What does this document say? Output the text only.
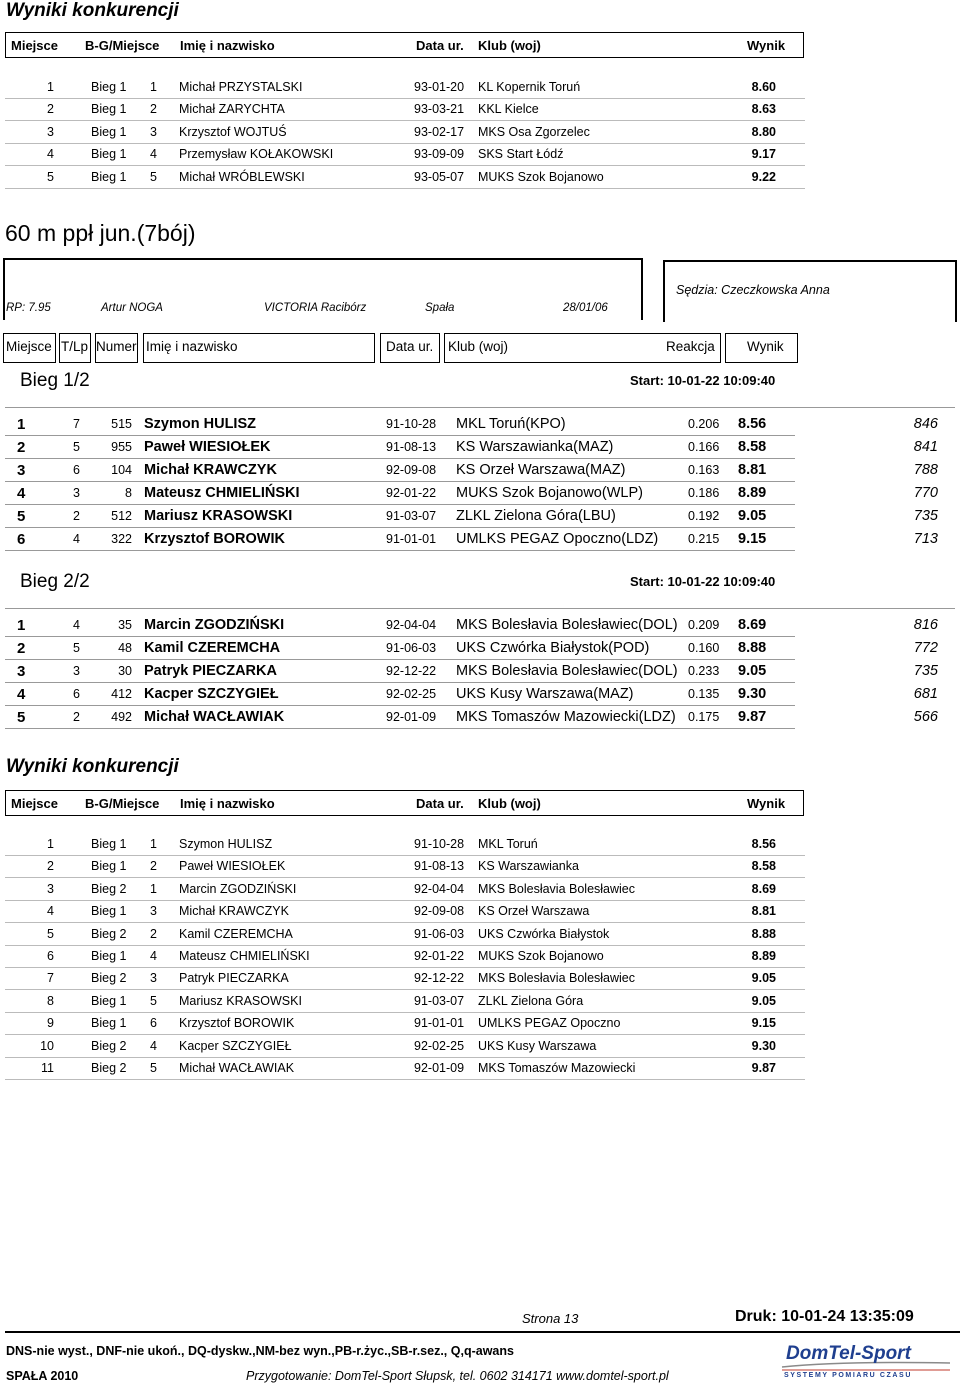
Wyniki konkurencji
Miejsce B-G/Miejsce Imię i nazwisko	Data ur. Klub (woj)	Wynik
1	Bieg 1 1 Michał PRZYSTALSKI	93-01-20 KL Kopernik Toruń	8.60
2	Bieg 1 2 Michał ZARYCHTA	93-03-21 KKL Kielce	8.63
3	Bieg 1 3 Krzysztof WOJTUŚ	93-02-17 MKS Osa Zgorzelec	8.80
4	Bieg 1 4 Przemysław KOŁAKOWSKI	93-09-09 SKS Start Łódź	9.17
5	Bieg 1 5 Michał WRÓBLEWSKI	93-05-07 MUKS Szok Bojanowo	9.22
60 m ppł jun.(7bój)
RP: 7.95	Artur NOGA	VICTORIA Racibórz	Spała	28/01/06
Sędzia: Czeczkowska Anna
Miejsce T/Lp Numer Imię i nazwisko	Data ur. Klub (woj)	Reakcja Wynik
Bieg 1/2	Start: 10-01-22 10:09:40
1	7	515 Szymon HULISZ	91-10-28 MKL Toruń(KPO)	0.206 8.56	846
2	5	955 Paweł WIESIOŁEK	91-08-13 KS Warszawianka(MAZ)	0.166 8.58	841
3	6	104 Michał KRAWCZYK	92-09-08 KS Orzeł Warszawa(MAZ)	0.163 8.81	788
4	3	8 Mateusz CHMIELIŃSKI	92-01-22 MUKS Szok Bojanowo(WLP)	0.186 8.89	770
5	2	512 Mariusz KRASOWSKI	91-03-07 ZLKL Zielona Góra(LBU)	0.192 9.05	735
6	4	322 Krzysztof BOROWIK	91-01-01 UMLKS PEGAZ Opoczno(LDZ) 0.215 9.15	713
Bieg 2/2	Start: 10-01-22 10:09:40
1	4	35 Marcin ZGODZIŃSKI	92-04-04 MKS Bolesłavia Bolesławiec(DOL) 0.209 8.69	816
2	5	48 Kamil CZEREMCHA	91-06-03 UKS Czwórka Białystok(POD)	0.160 8.88	772
3	3	30 Patryk PIECZARKA	92-12-22 MKS Bolesłavia Bolesławiec(DOL) 0.233 9.05	735
4	6	412 Kacper SZCZYGIEŁ	92-02-25 UKS Kusy Warszawa(MAZ)	0.135 9.30	681
5	2	492 Michał WACŁAWIAK	92-01-09 MKS Tomaszów Mazowiecki(LDZ) 0.175 9.87	566
Wyniki konkurencji
Miejsce B-G/Miejsce Imię i nazwisko	Data ur. Klub (woj)	Wynik
1	Bieg 1 1 Szymon HULISZ	91-10-28 MKL Toruń	8.56
2	Bieg 1 2 Paweł WIESIOŁEK	91-08-13 KS Warszawianka	8.58
3	Bieg 2 1 Marcin ZGODZIŃSKI	92-04-04 MKS Bolesłavia Bolesławiec	8.69
4	Bieg 1 3 Michał KRAWCZYK	92-09-08 KS Orzeł Warszawa	8.81
5	Bieg 2 2 Kamil CZEREMCHA	91-06-03 UKS Czwórka Białystok	8.88
6	Bieg 1 4 Mateusz CHMIELIŃSKI	92-01-22 MUKS Szok Bojanowo	8.89
7	Bieg 2 3 Patryk PIECZARKA	92-12-22 MKS Bolesłavia Bolesławiec	9.05
8	Bieg 1 5 Mariusz KRASOWSKI	91-03-07 ZLKL Zielona Góra	9.05
9	Bieg 1 6 Krzysztof BOROWIK	91-01-01 UMLKS PEGAZ Opoczno	9.15
10	Bieg 2 4 Kacper SZCZYGIEŁ	92-02-25 UKS Kusy Warszawa	9.30
11	Bieg 2 5 Michał WACŁAWIAK	92-01-09 MKS Tomaszów Mazowiecki	9.87
Strona 13	Druk: 10-01-24 13:35:09
DNS-nie wyst., DNF-nie ukoń., DQ-dyskw.,NM-bez wyn.,PB-r.życ.,SB-r.sez., Q,q-awans
SPAŁA 2010	Przygotowanie: DomTel-Sport Słupsk, tel. 0602 314171 www.domtel-sport.pl
DomTel-Sport
SYSTEMY POMIARU CZASU
